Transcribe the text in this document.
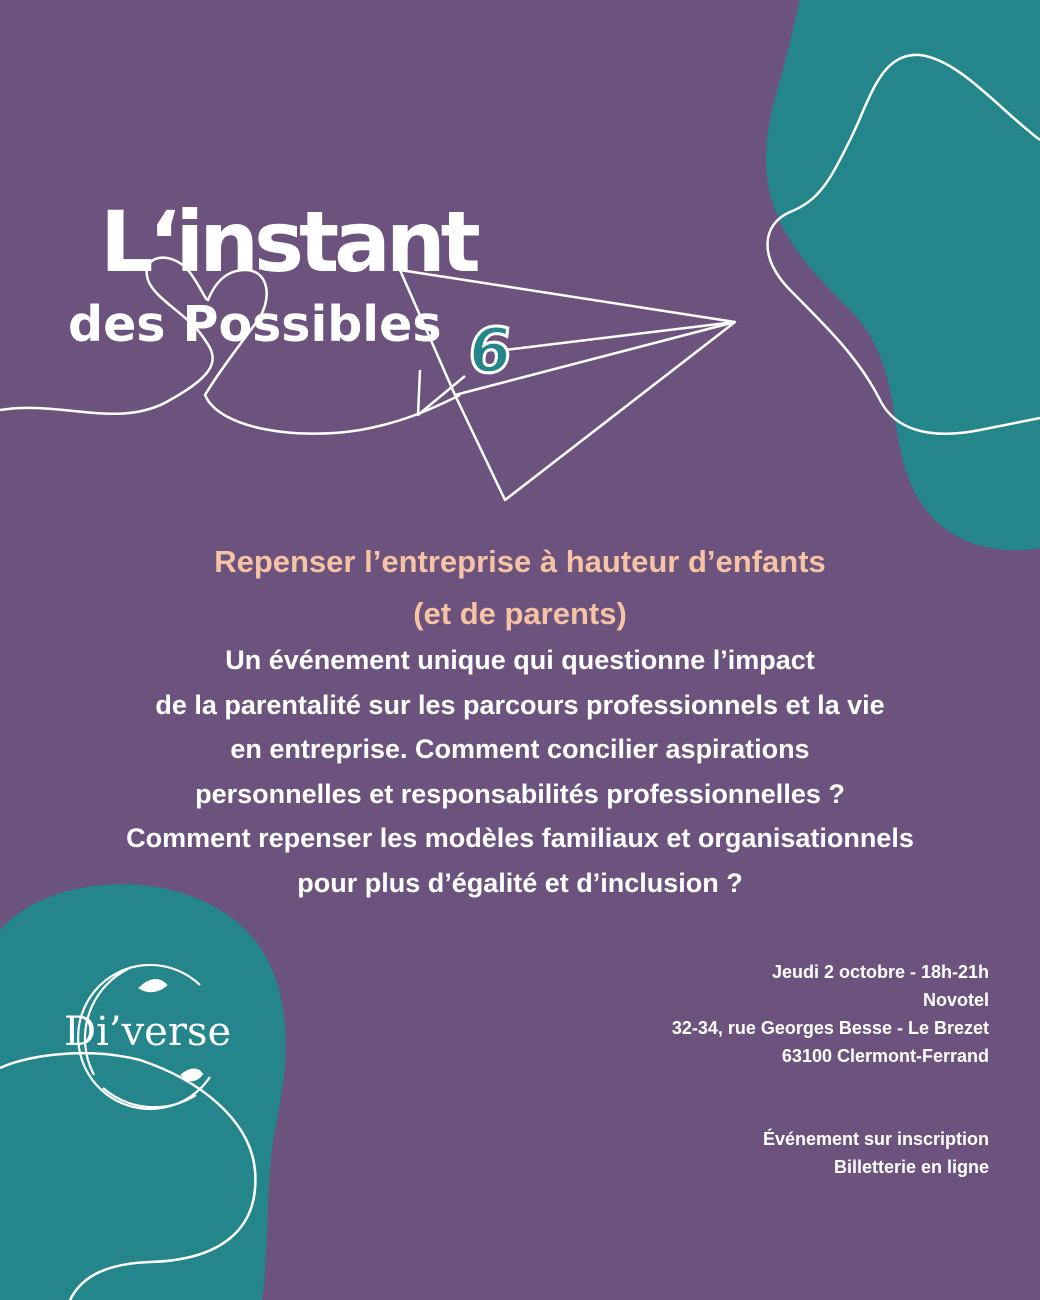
L‘instant
des Possibles 6

Repenser l’entreprise à hauteur d’enfants
(et de parents)

Un événement unique qui questionne l’impact
de la parentalité sur les parcours professionnels et la vie
en entreprise. Comment concilier aspirations
personnelles et responsabilités professionnelles ?
Comment repenser les modèles familiaux et organisationnels
pour plus d’égalité et d’inclusion ?

Di’verse

Jeudi 2 octobre - 18h-21h
Novotel
32-34, rue Georges Besse - Le Brezet
63100 Clermont-Ferrand

Événement sur inscription
Billetterie en ligne
